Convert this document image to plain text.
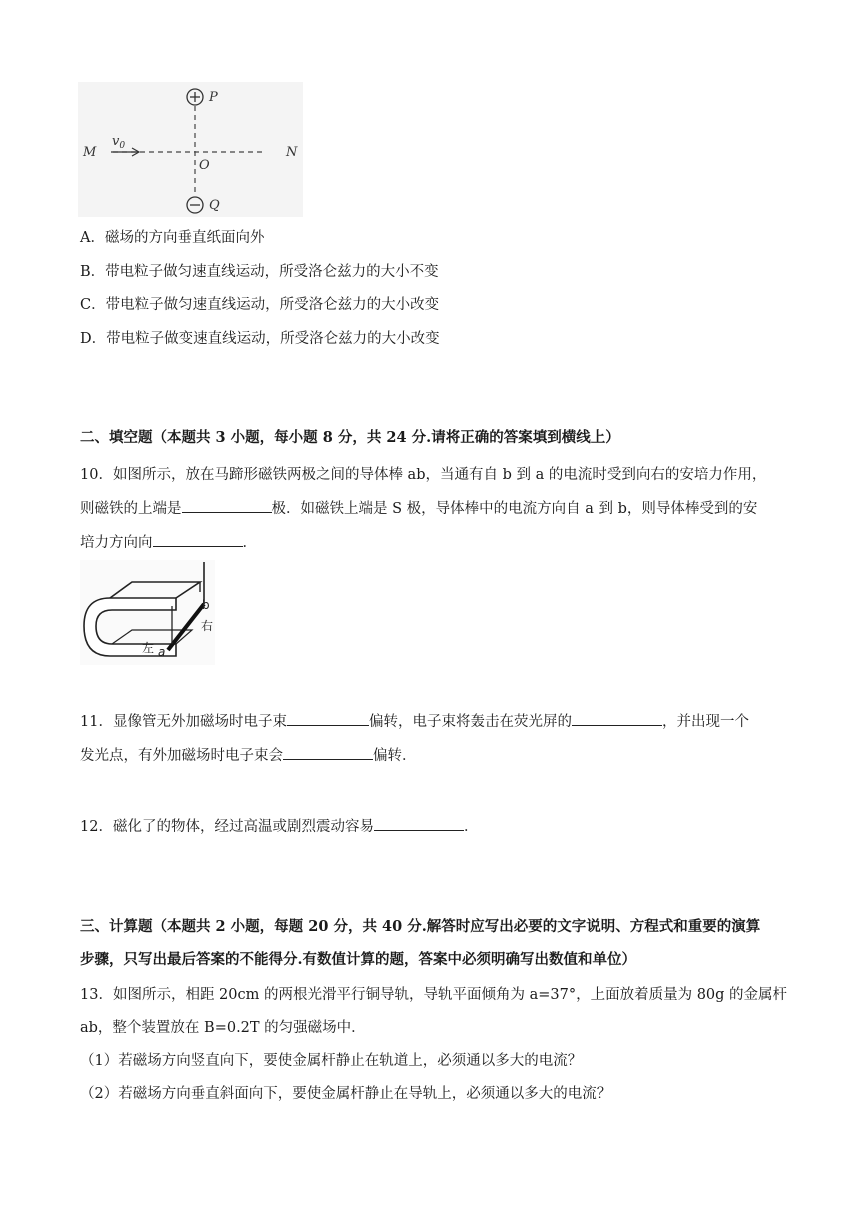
P
Q
M	N
O
$v_0$
A．磁场的方向垂直纸面向外
B．带电粒子做匀速直线运动，所受洛仑兹力的大小不变
C．带电粒子做匀速直线运动，所受洛仑兹力的大小改变
D．带电粒子做变速直线运动，所受洛仑兹力的大小改变
二、填空题（本题共 3 小题，每小题 8 分，共 24 分.请将正确的答案填到横线上）
10．如图所示，放在马蹄形磁铁两极之间的导体棒 ab，当通有自 b 到 a 的电流时受到向右的安培力作用，
则磁铁的上端是	极．如磁铁上端是 S 极，导体棒中的电流方向自 a 到 b，则导体棒受到的安
培力方向向	．
b
右
左 a
11．显像管无外加磁场时电子束	偏转，电子束将轰击在荧光屏的	，并出现一个
发光点，有外加磁场时电子束会	偏转．
12．磁化了的物体，经过高温或剧烈震动容易	．
三、计算题（本题共 2 小题，每题 20 分，共 40 分.解答时应写出必要的文字说明、方程式和重要的演算
步骤，只写出最后答案的不能得分.有数值计算的题，答案中必须明确写出数值和单位）
13．如图所示，相距 20cm 的两根光滑平行铜导轨，导轨平面倾角为 a=37°，上面放着质量为 80g 的金属杆
ab，整个装置放在 B=0.2T 的匀强磁场中．
（1）若磁场方向竖直向下，要使金属杆静止在轨道上，必须通以多大的电流？
（2）若磁场方向垂直斜面向下，要使金属杆静止在导轨上，必须通以多大的电流？
